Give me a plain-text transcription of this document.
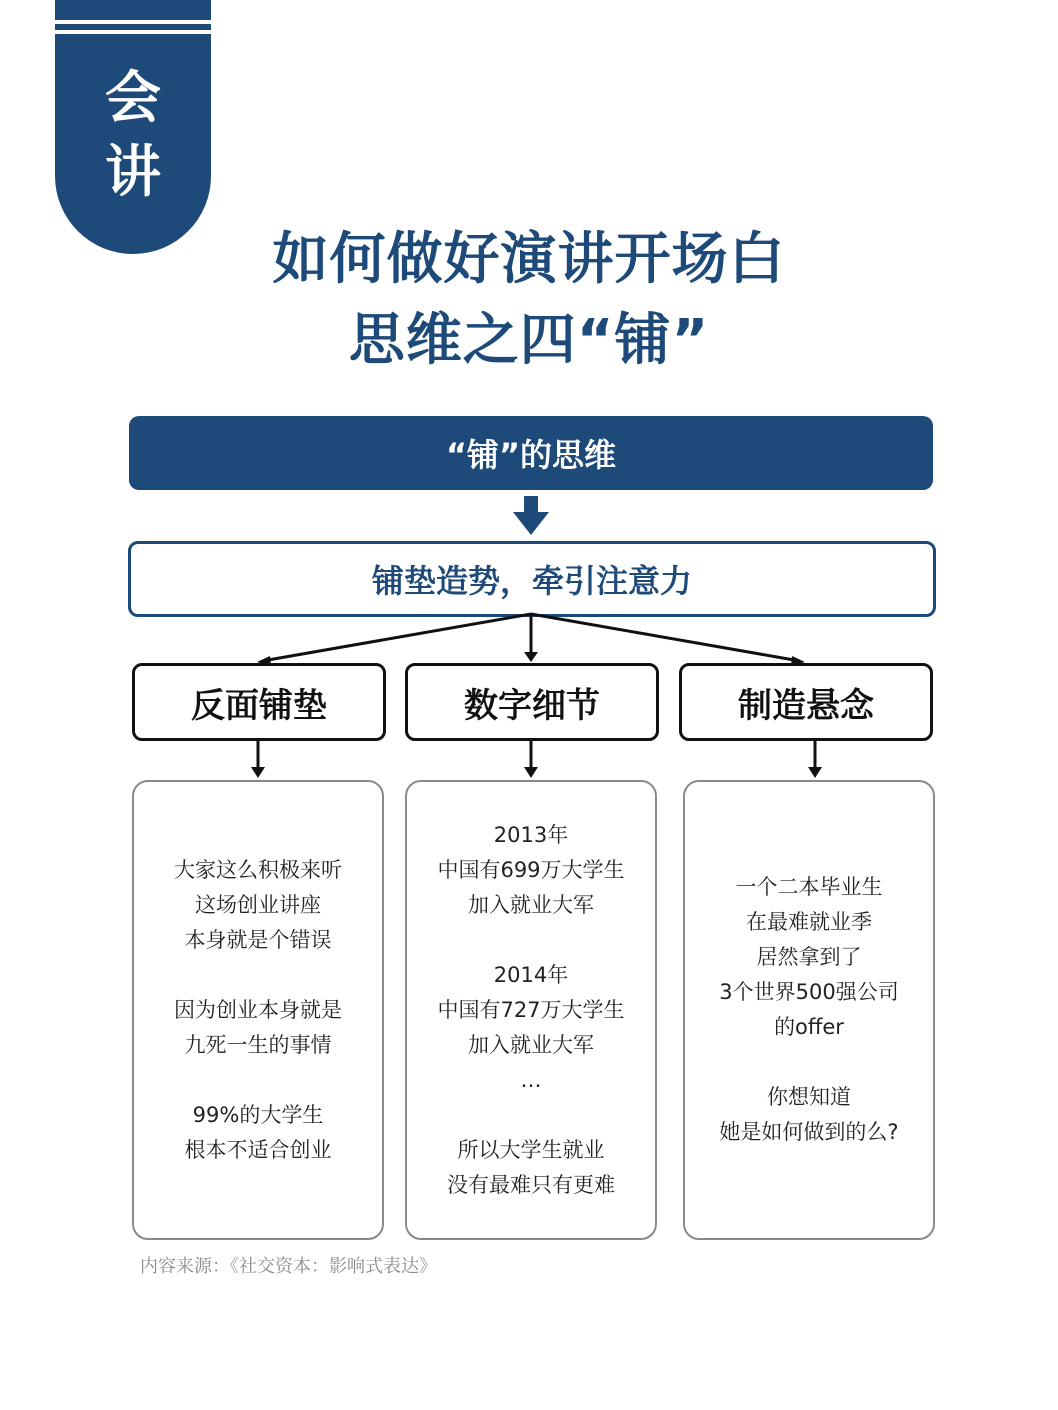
会
讲
如何做好演讲开场白
思维之四“铺”
“铺”的思维
铺垫造势，牵引注意力
反面铺垫	数字细节	制造悬念
大家这么积极来听
这场创业讲座
本身就是个错误
因为创业本身就是
九死一生的事情
99%的大学生
根本不适合创业
2013年
中国有699万大学生
加入就业大军
2014年
中国有727万大学生
加入就业大军
…
所以大学生就业
没有最难只有更难
一个二本毕业生
在最难就业季
居然拿到了
3个世界500强公司
的offer
你想知道
她是如何做到的么?
内容来源：《社交资本：影响式表达》
